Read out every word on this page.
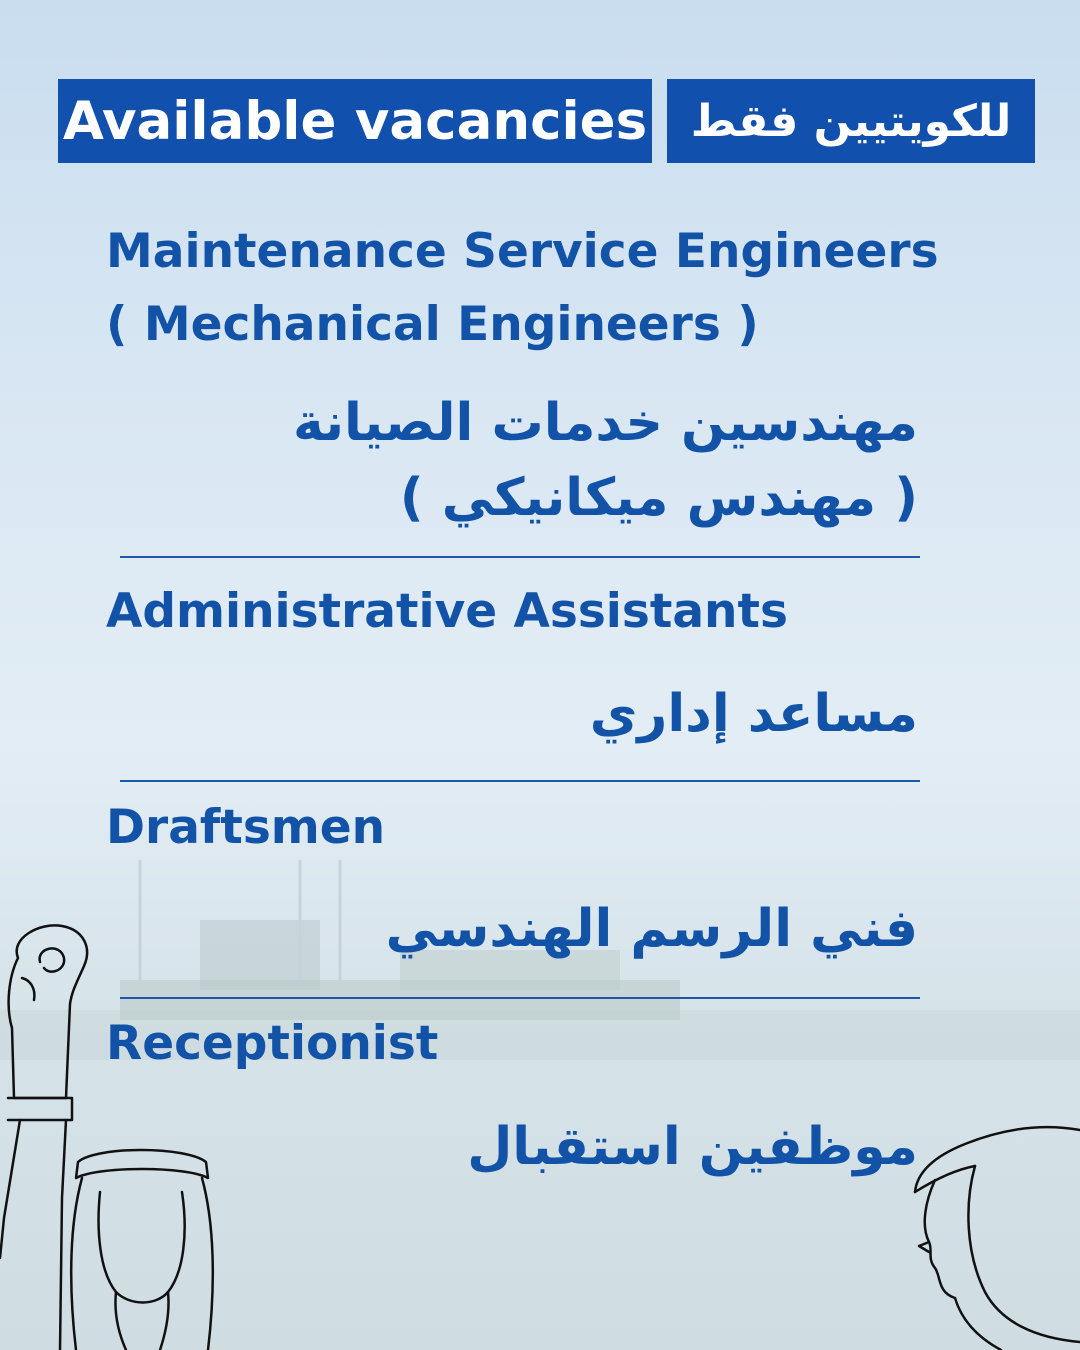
Available vacancies للكويتيين فقط
Maintenance Service Engineers
( Mechanical Engineers )
مهندسين خدمات الصيانة
( مهندس ميكانيكي )
Administrative Assistants
مساعد إداري
Draftsmen
فني الرسم الهندسي
Receptionist
موظفين استقبال
